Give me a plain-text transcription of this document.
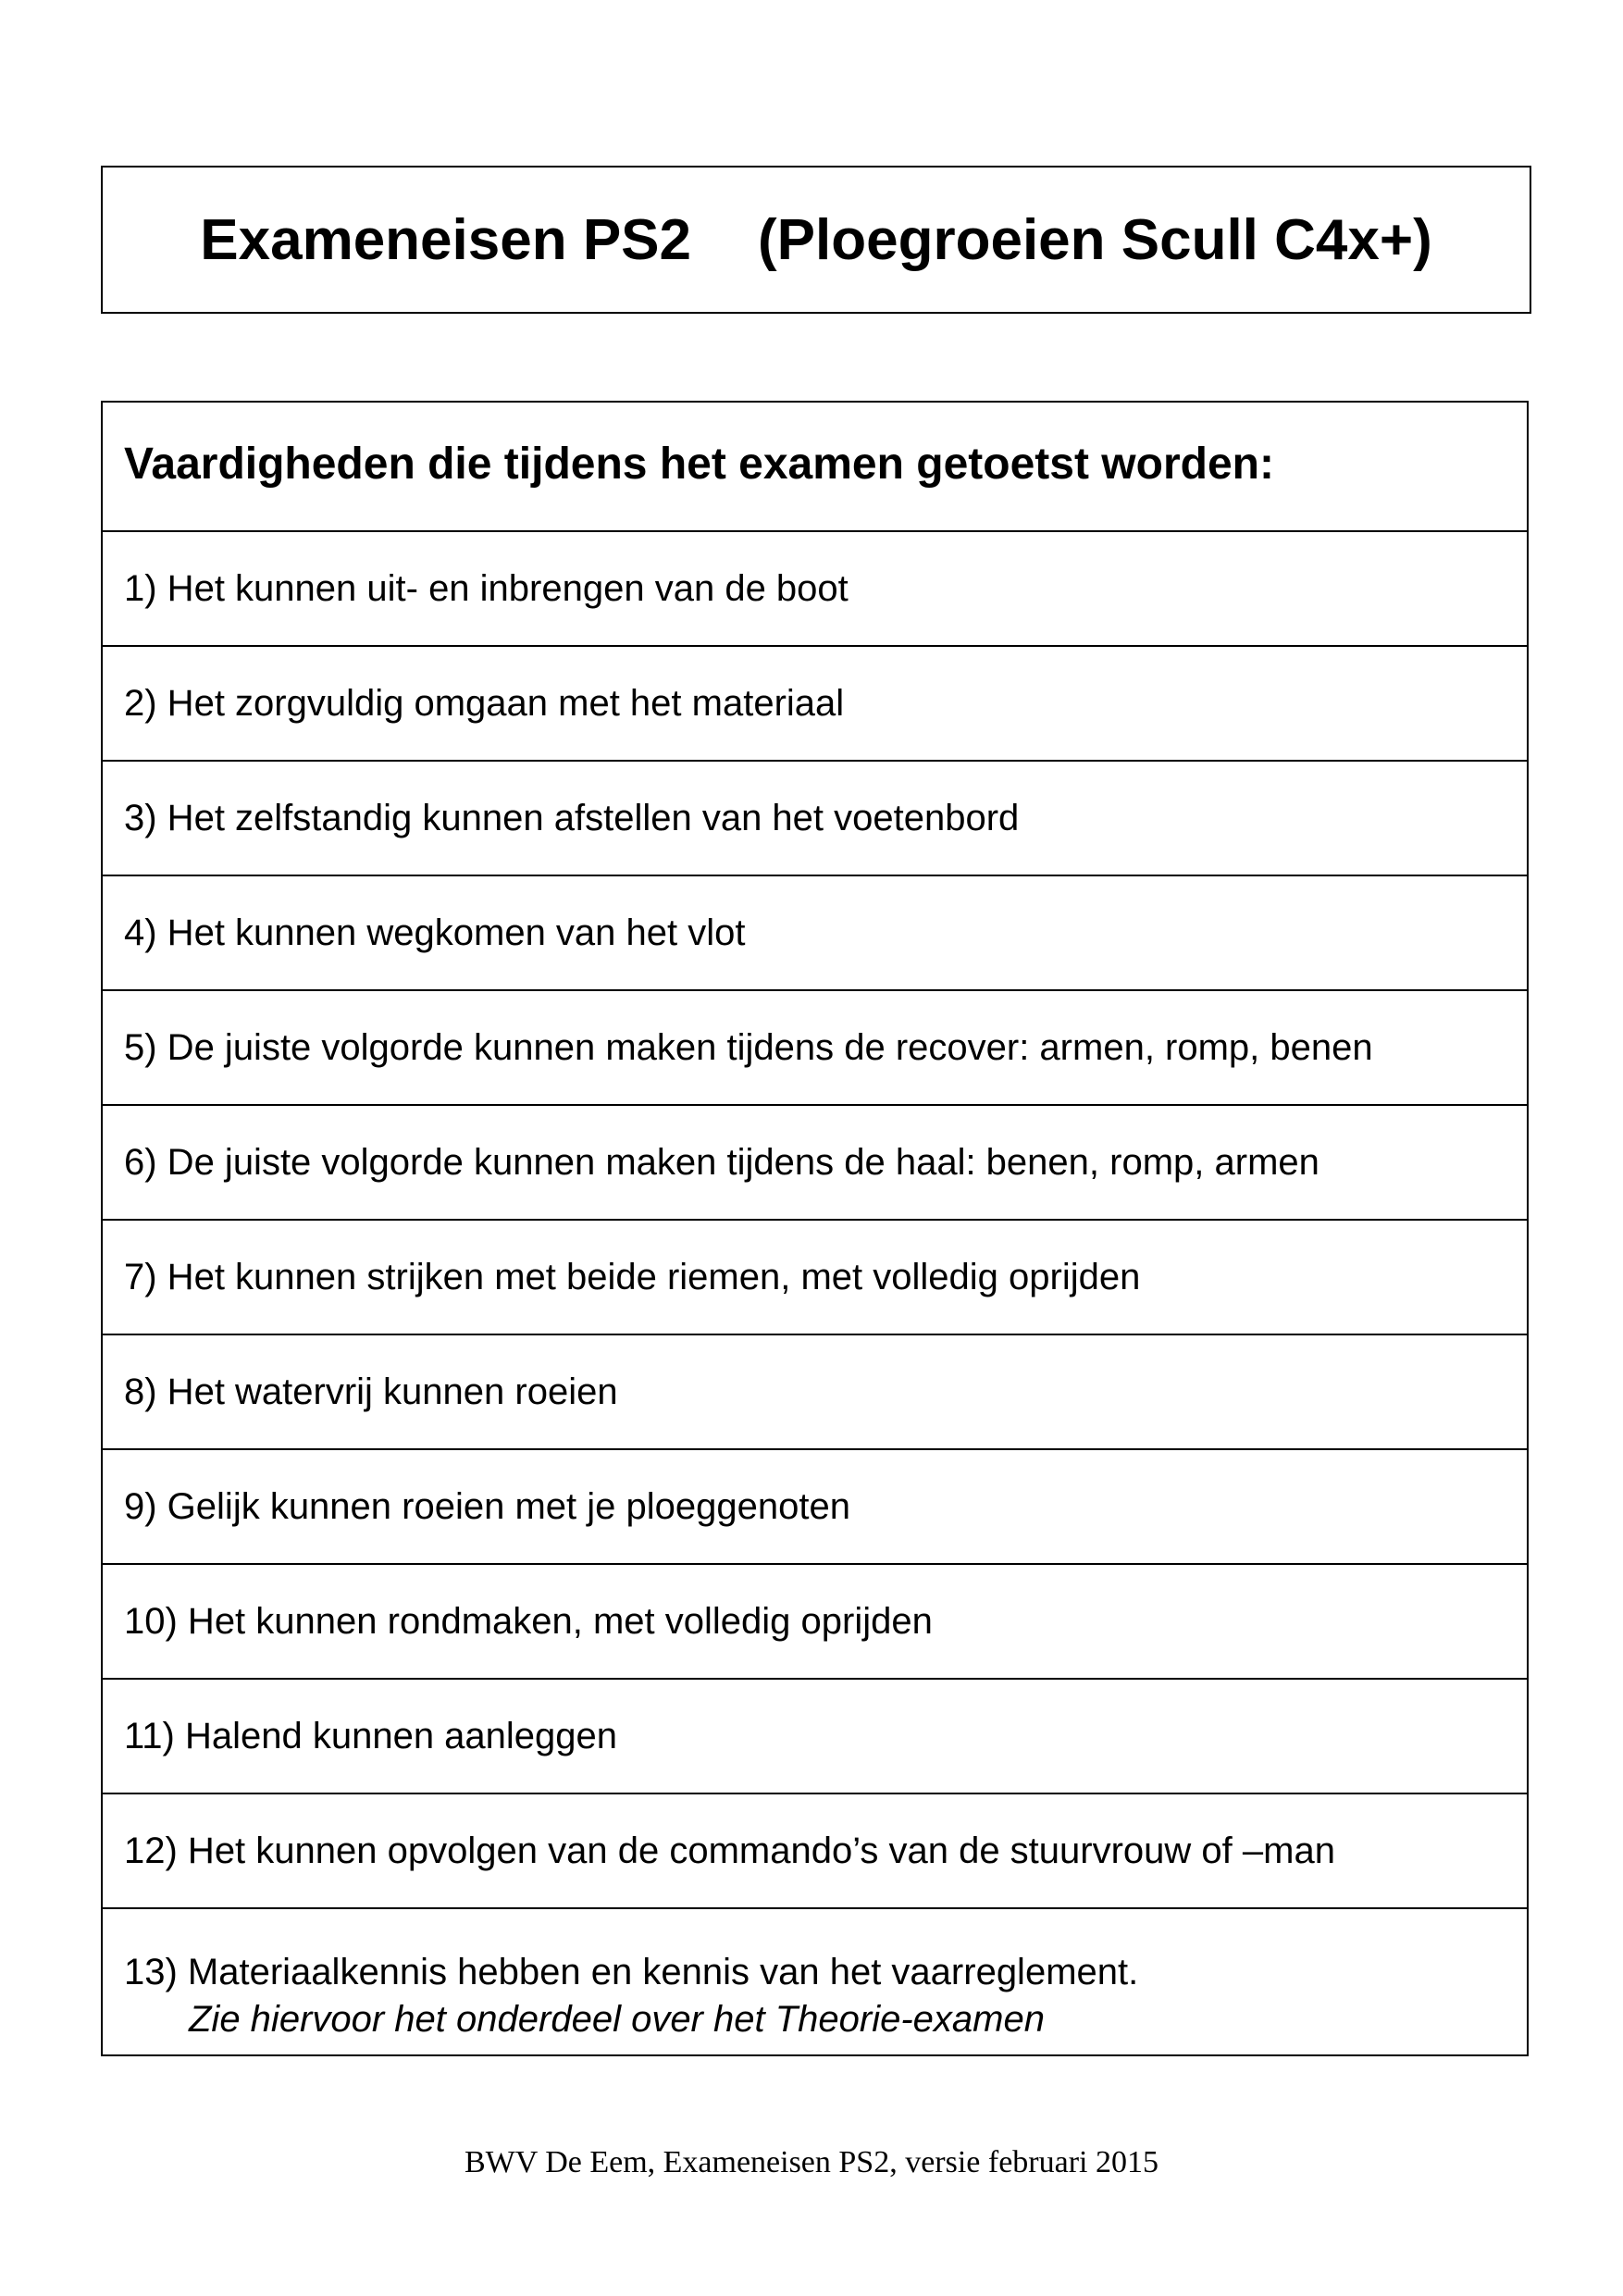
Exameneisen PS2 (Ploegroeien Scull C4x+)
Vaardigheden die tijdens het examen getoetst worden:
1) Het kunnen uit- en inbrengen van de boot
2) Het zorgvuldig omgaan met het materiaal
3) Het zelfstandig kunnen afstellen van het voetenbord
4) Het kunnen wegkomen van het vlot
5) De juiste volgorde kunnen maken tijdens de recover: armen, romp, benen
6) De juiste volgorde kunnen maken tijdens de haal: benen, romp, armen
7) Het kunnen strijken met beide riemen, met volledig oprijden
8) Het watervrij kunnen roeien
9) Gelijk kunnen roeien met je ploeggenoten
10) Het kunnen rondmaken, met volledig oprijden
11) Halend kunnen aanleggen
12) Het kunnen opvolgen van de commando’s van de stuurvrouw of –man
13) Materiaalkennis hebben en kennis van het vaarreglement.
Zie hiervoor het onderdeel over het Theorie-examen
BWV De Eem, Exameneisen PS2, versie februari 2015
